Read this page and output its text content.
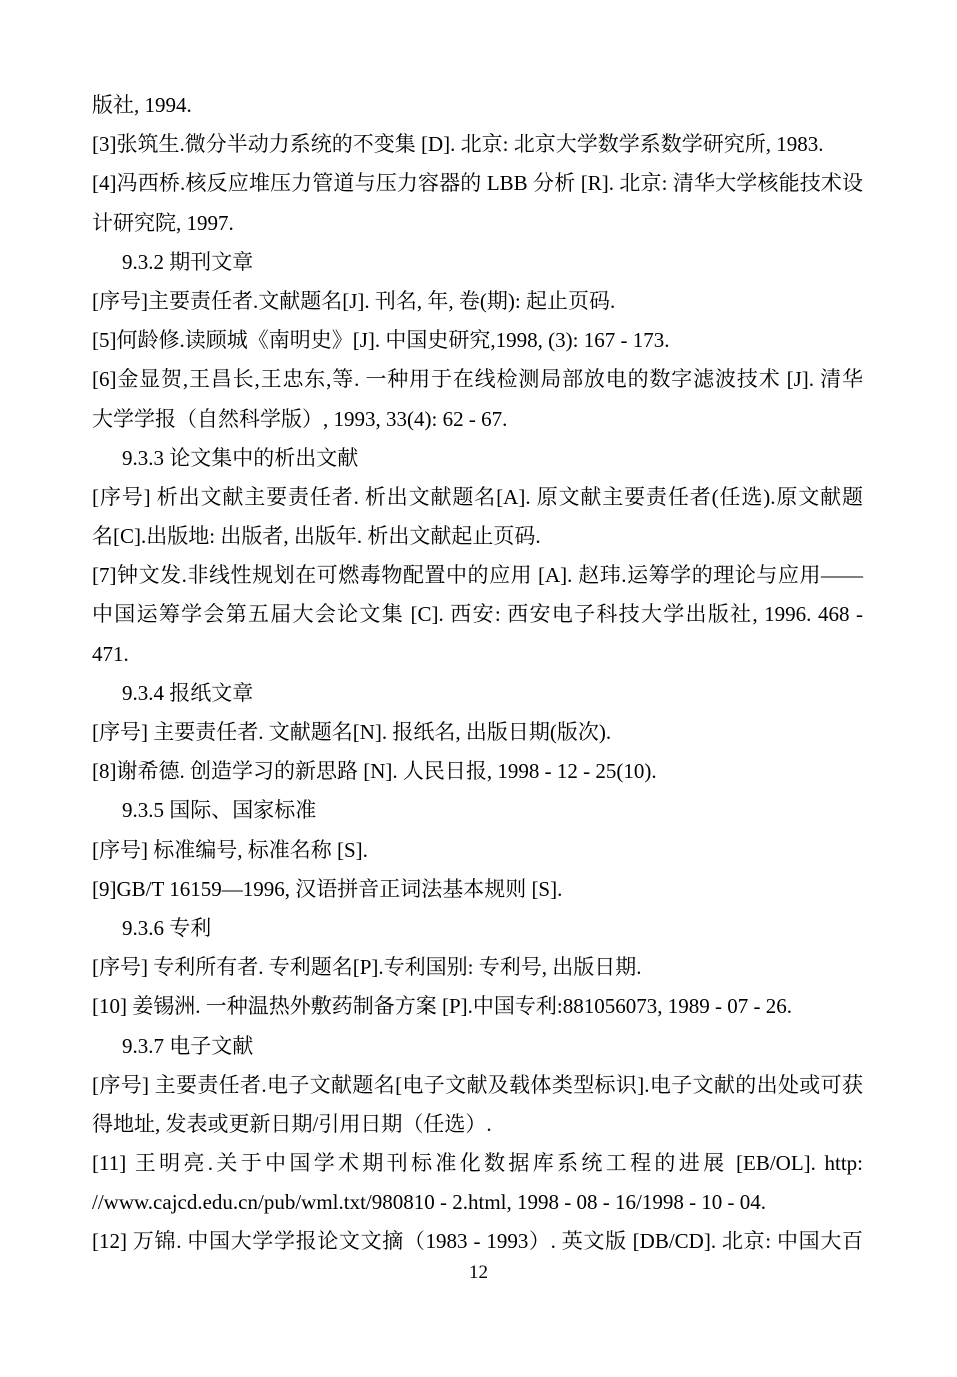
版社, 1994.
[3]张筑生.微分半动力系统的不变集 [D]. 北京: 北京大学数学系数学研究所, 1983.
[4]冯西桥.核反应堆压力管道与压力容器的 LBB 分析 [R]. 北京: 清华大学核能技术设
计研究院, 1997.
9.3.2 期刊文章
[序号]主要责任者.文献题名[J]. 刊名, 年, 卷(期): 起止页码.
[5]何龄修.读顾城《南明史》[J]. 中国史研究,1998, (3): 167 - 173.
[6]金显贺,王昌长,王忠东,等. 一种用于在线检测局部放电的数字滤波技术 [J]. 清华
大学学报（自然科学版）, 1993, 33(4): 62 - 67.
9.3.3 论文集中的析出文献
[序号] 析出文献主要责任者. 析出文献题名[A]. 原文献主要责任者(任选).原文献题
名[C].出版地: 出版者, 出版年. 析出文献起止页码.
[7]钟文发.非线性规划在可燃毒物配置中的应用 [A]. 赵玮.运筹学的理论与应用——
中国运筹学会第五届大会论文集 [C]. 西安: 西安电子科技大学出版社, 1996. 468 -
471.
9.3.4 报纸文章
[序号] 主要责任者. 文献题名[N]. 报纸名, 出版日期(版次).
[8]谢希德. 创造学习的新思路 [N]. 人民日报, 1998 - 12 - 25(10).
9.3.5 国际、国家标准
[序号] 标准编号, 标准名称 [S].
[9]GB/T 16159—1996, 汉语拼音正词法基本规则 [S].
9.3.6 专利
[序号] 专利所有者. 专利题名[P].专利国别: 专利号, 出版日期.
[10] 姜锡洲. 一种温热外敷药制备方案 [P].中国专利:881056073, 1989 - 07 - 26.
9.3.7 电子文献
[序号] 主要责任者.电子文献题名[电子文献及载体类型标识].电子文献的出处或可获
得地址, 发表或更新日期/引用日期（任选）.
[11] 王明亮.关于中国学术期刊标准化数据库系统工程的进展 [EB/OL]. http:
//www.cajcd.edu.cn/pub/wml.txt/980810 - 2.html, 1998 - 08 - 16/1998 - 10 - 04.
[12] 万锦. 中国大学学报论文文摘（1983 - 1993）. 英文版 [DB/CD]. 北京: 中国大百
12
